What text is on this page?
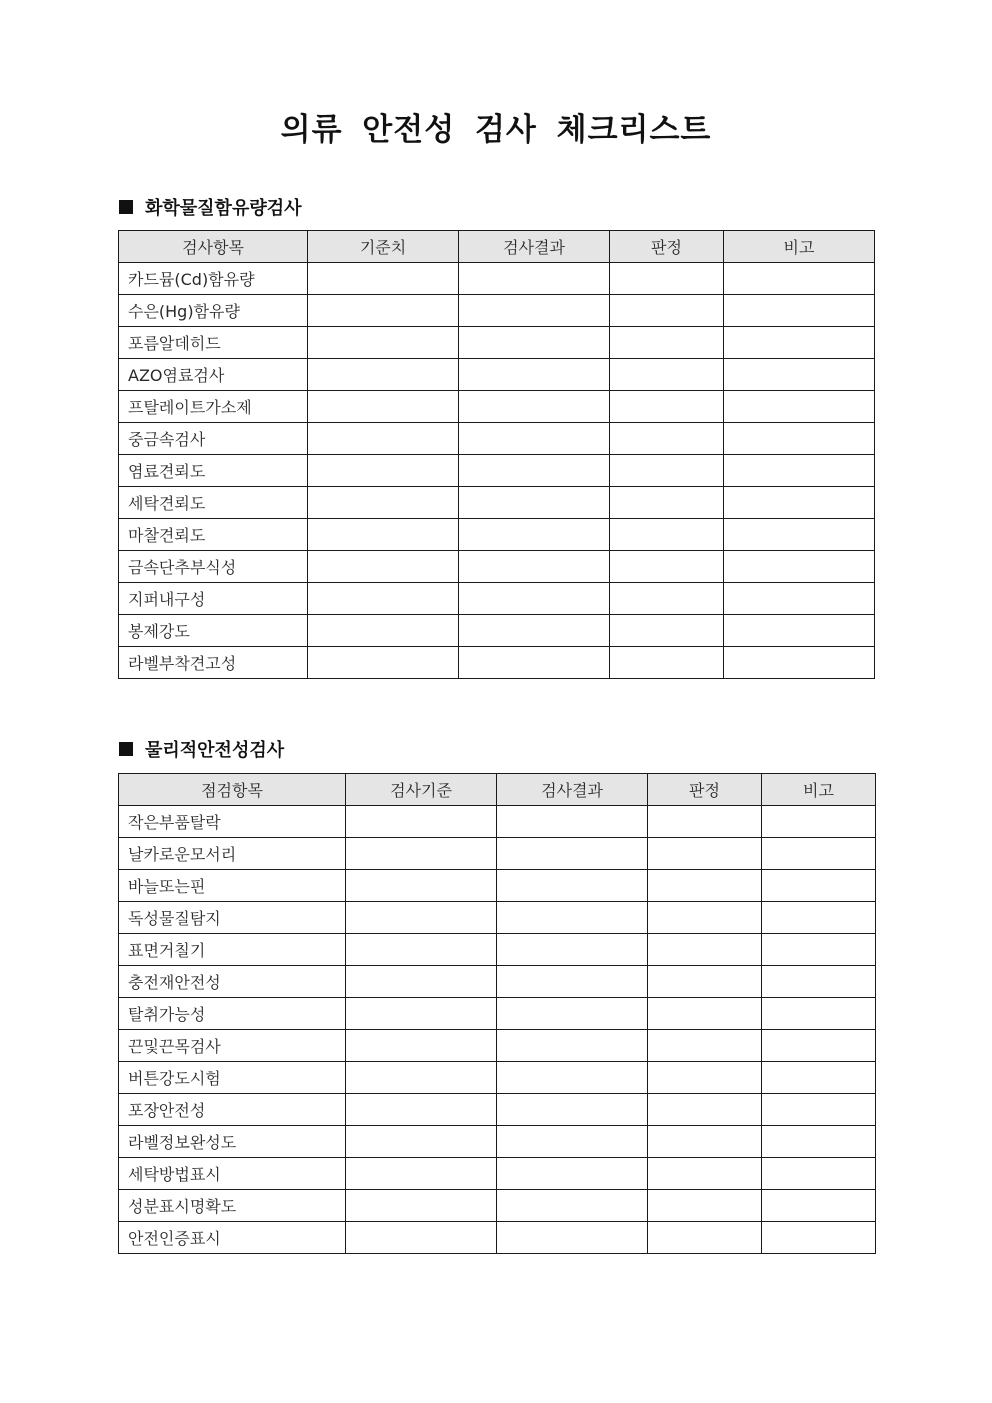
의류 안전성 검사 체크리스트
화학물질함유량검사
검사항목	기준치	검사결과	판정	비고
카드뮴(Cd)함유량				
수은(Hg)함유량				
포름알데히드				
AZO염료검사				
프탈레이트가소제				
중금속검사				
염료견뢰도				
세탁견뢰도				
마찰견뢰도				
금속단추부식성				
지퍼내구성				
봉제강도				
라벨부착견고성				
물리적안전성검사
점검항목	검사기준	검사결과	판정	비고
작은부품탈락				
날카로운모서리				
바늘또는핀				
독성물질탐지				
표면거칠기				
충전재안전성				
탈취가능성				
끈및끈목검사				
버튼강도시험				
포장안전성				
라벨정보완성도				
세탁방법표시				
성분표시명확도				
안전인증표시				
